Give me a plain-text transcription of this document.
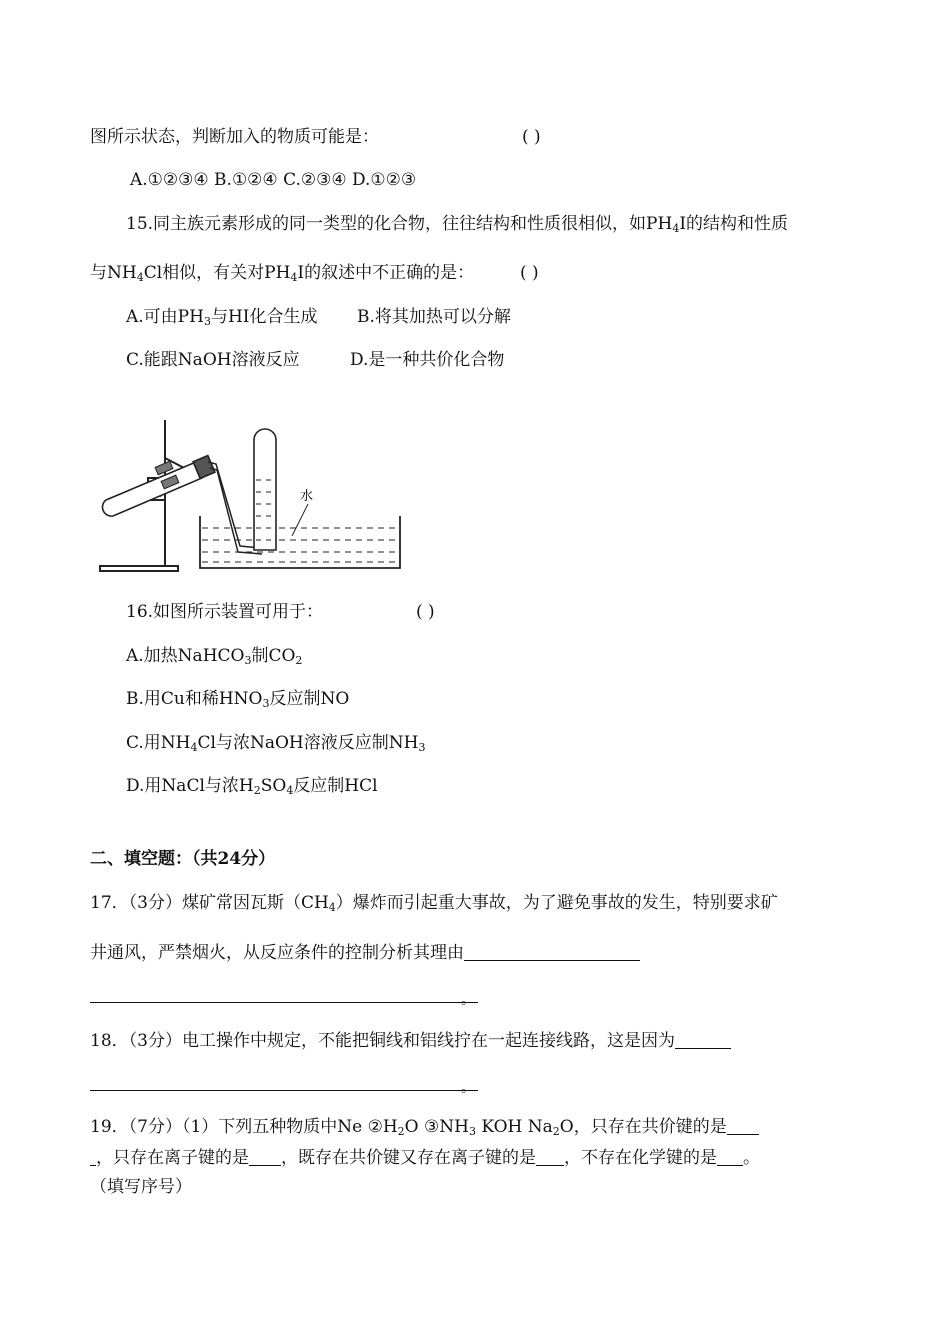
图所示状态，判断加入的物质可能是：	( )
A.①②③④ B.①②④ C.②③④ D.①②③
15.同主族元素形成的同一类型的化合物，往往结构和性质很相似，如$PH_4I$的结构和性质
与$NH_4Cl$相似，有关对$PH_4I$的叙述中不正确的是：	( )
A.可由$PH_3$与HI化合生成 B.将其加热可以分解
C.能跟NaOH溶液反应	D.是一种共价化合物
水
16.如图所示装置可用于：	( )
A.加热NaHCO$_3$制$CO_2$
B.用Cu和稀$HNO_3$反应制NO
C.用$NH_4Cl$与浓NaOH溶液反应制$NH_3$
D.用NaCl与浓$H_2SO_4$反应制HCl
二、填空题：（共24分）
17．（3分）煤矿常因瓦斯$(CH_4)$爆炸而引起重大事故，为了避免事故的发生，特别要求矿
井通风，严禁烟火，从反应条件的控制分析其理由
。
18．（3分）电工操作中规定，不能把铜线和铝线拧在一起连接线路，这是因为
。
19．（7分）（1）下列五种物质中Ne $②H_2O$ $③NH_3$ KOH $Na_2O$，只存在共价键的是
，只存在离子键的是 ，既存在共价键又存在离子键的是 ，不存在化学键的是 。
（填写序号）
